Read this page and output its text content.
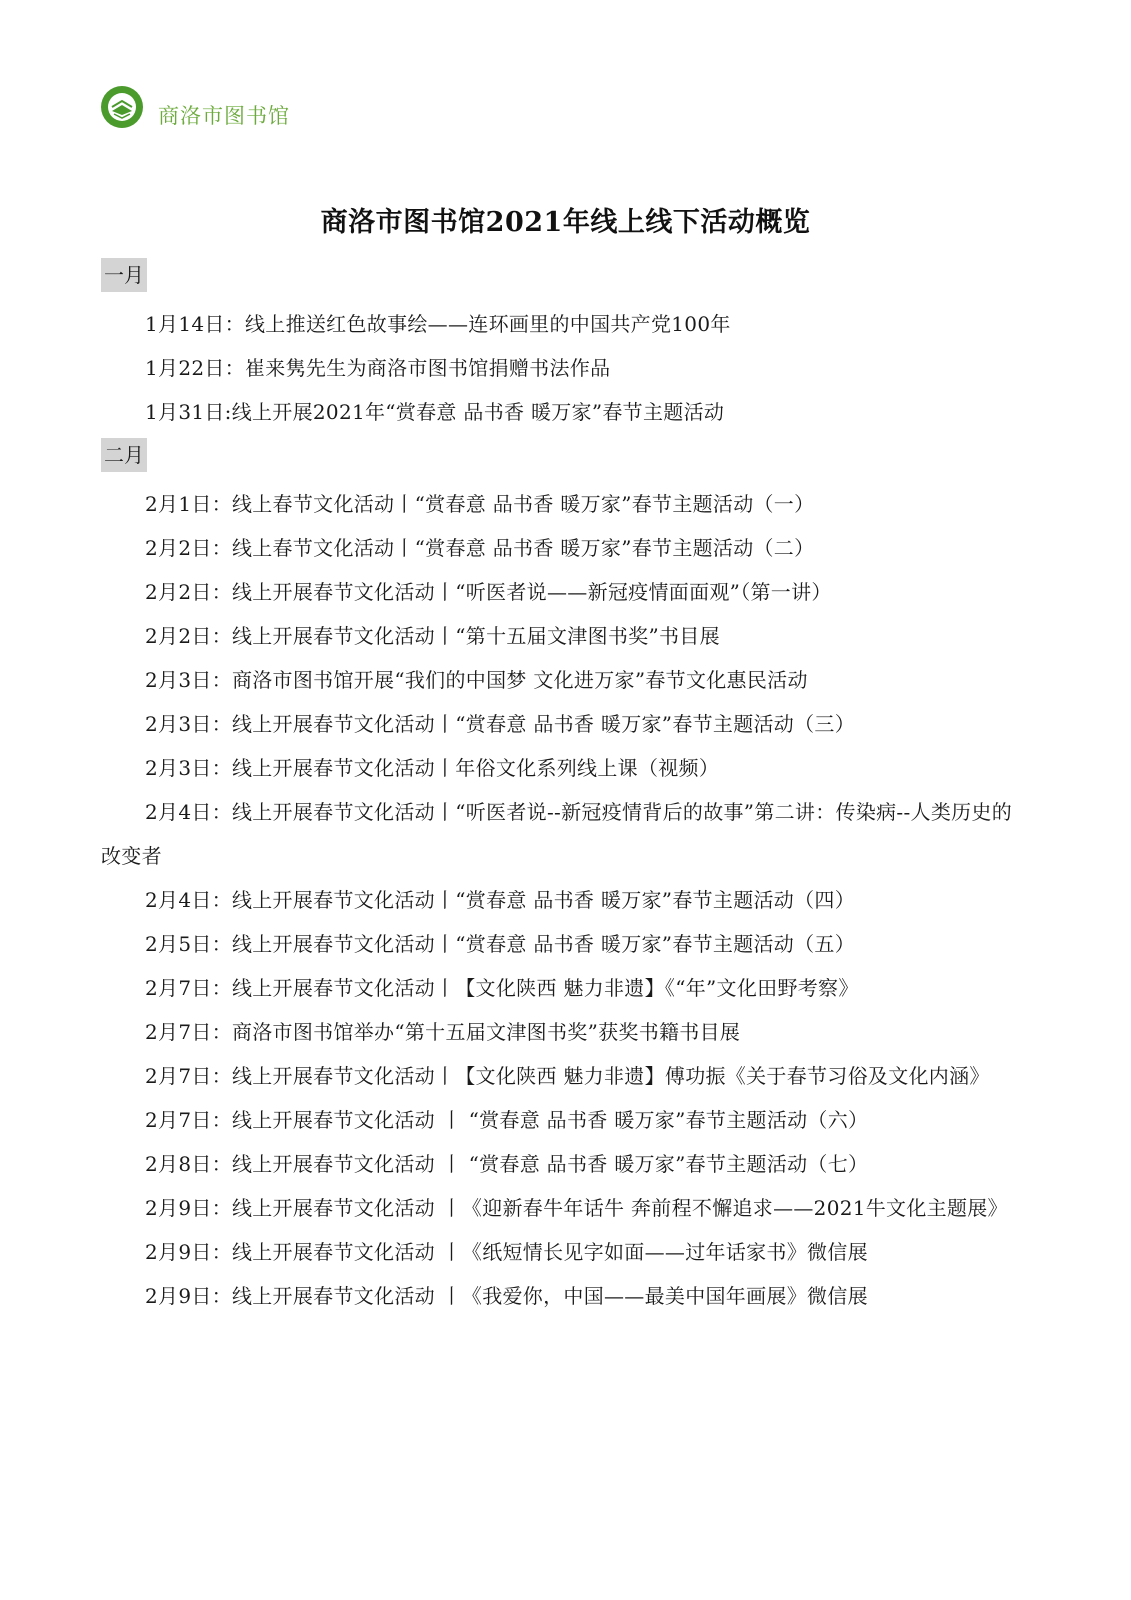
商洛市图书馆
商洛市图书馆2021年线上线下活动概览
一月

1月14日：线上推送红色故事绘——连环画里的中国共产党100年

1月22日：崔来隽先生为商洛市图书馆捐赠书法作品

1月31日:线上开展2021年“赏春意 品书香 暖万家”春节主题活动

二月

2月1日：线上春节文化活动丨“赏春意 品书香 暖万家”春节主题活动（一）

2月2日：线上春节文化活动丨“赏春意 品书香 暖万家”春节主题活动（二）

2月2日：线上开展春节文化活动丨“听医者说——新冠疫情面面观”（第一讲）

2月2日：线上开展春节文化活动丨“第十五届文津图书奖”书目展

2月3日：商洛市图书馆开展“我们的中国梦 文化进万家”春节文化惠民活动

2月3日：线上开展春节文化活动丨“赏春意 品书香 暖万家”春节主题活动（三）

2月3日：线上开展春节文化活动丨年俗文化系列线上课（视频）

2月4日：线上开展春节文化活动丨“听医者说--新冠疫情背后的故事”第二讲：传染病--人类历史的改变者

2月4日：线上开展春节文化活动丨“赏春意 品书香 暖万家”春节主题活动（四）

2月5日：线上开展春节文化活动丨“赏春意 品书香 暖万家”春节主题活动（五）

2月7日：线上开展春节文化活动丨【文化陕西 魅力非遗】《“年”文化田野考察》

2月7日：商洛市图书馆举办“第十五届文津图书奖”获奖书籍书目展

2月7日：线上开展春节文化活动丨【文化陕西 魅力非遗】傅功振《关于春节习俗及文化内涵》

2月7日：线上开展春节文化活动 丨 “赏春意 品书香 暖万家”春节主题活动（六）

2月8日：线上开展春节文化活动 丨 “赏春意 品书香 暖万家”春节主题活动（七）

2月9日：线上开展春节文化活动 丨《迎新春牛年话牛 奔前程不懈追求——2021牛文化主题展》

2月9日：线上开展春节文化活动 丨《纸短情长见字如面——过年话家书》微信展

2月9日：线上开展春节文化活动 丨《我爱你，中国——最美中国年画展》微信展
